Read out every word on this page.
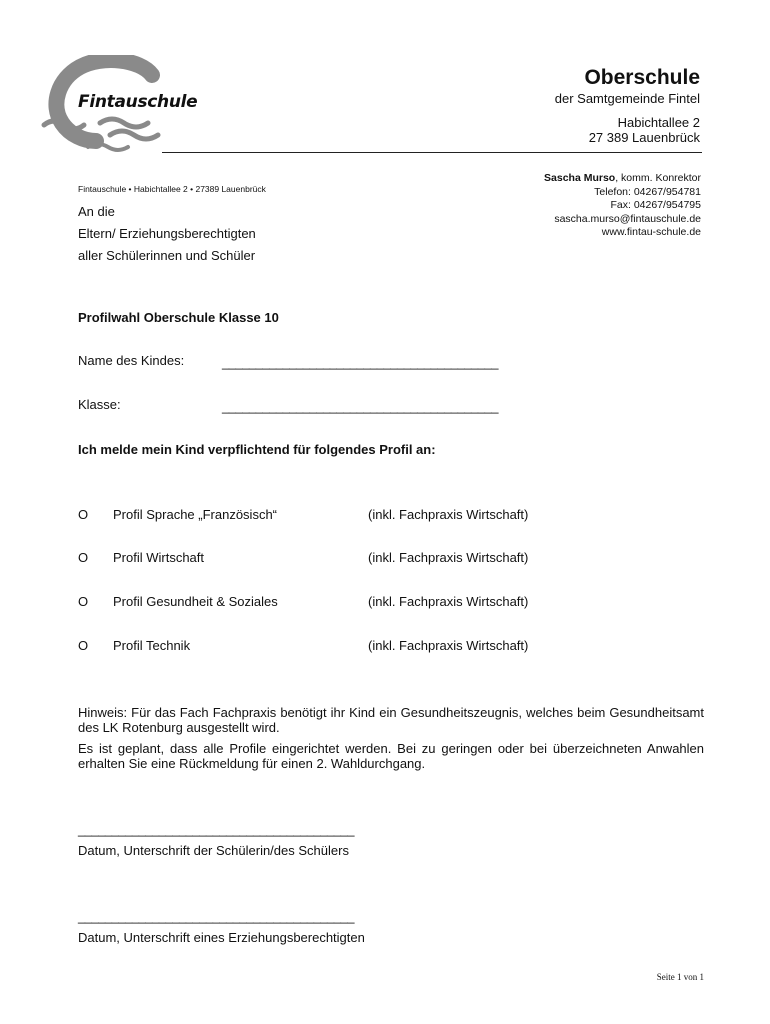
Fintauschule
Oberschule
der Samtgemeinde Fintel
Habichtallee 2
27 389 Lauenbrück
Fintauschule • Habichtallee 2 • 27389 Lauenbrück
An die
Eltern/ Erziehungsberechtigten
aller Schülerinnen und Schüler
Sascha Murso, komm. Konrektor
Telefon: 04267/954781
Fax: 04267/954795
sascha.murso@fintauschule.de
www.fintau-schule.de
Profilwahl Oberschule Klasse 10
Name des Kindes:	_________________________________________
Klasse:	_________________________________________
Ich melde mein Kind verpflichtend für folgendes Profil an:
O Profil Sprache „Französisch“	(inkl. Fachpraxis Wirtschaft)
O Profil Wirtschaft	(inkl. Fachpraxis Wirtschaft)
O Profil Gesundheit & Soziales	(inkl. Fachpraxis Wirtschaft)
O Profil Technik	(inkl. Fachpraxis Wirtschaft)
Hinweis: Für das Fach Fachpraxis benötigt ihr Kind ein Gesundheitszeugnis, welches beim Gesundheitsamt des LK Rotenburg ausgestellt wird.
Es ist geplant, dass alle Profile eingerichtet werden. Bei zu geringen oder bei überzeichneten Anwahlen erhalten Sie eine Rückmeldung für einen 2. Wahldurchgang.
_________________________________________
Datum, Unterschrift der Schülerin/des Schülers
_________________________________________
Datum, Unterschrift eines Erziehungsberechtigten
Seite 1 von 1
